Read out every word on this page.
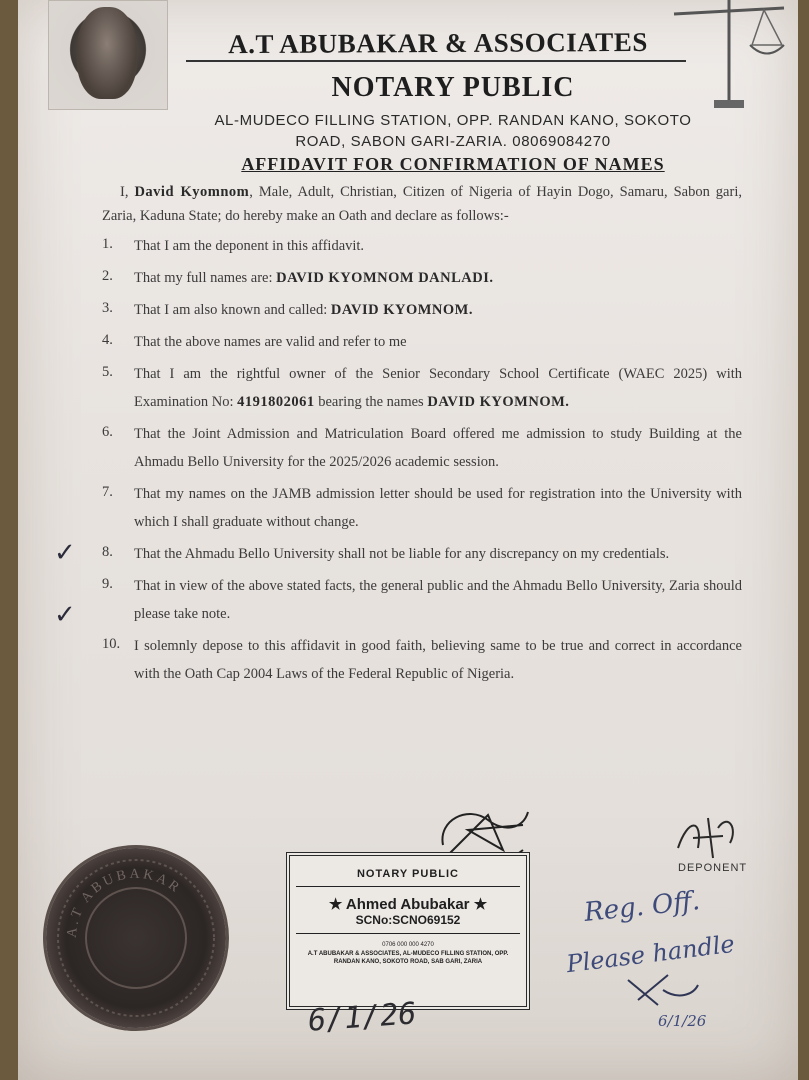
A.T ABUBAKAR & ASSOCIATES
NOTARY PUBLIC
AL-MUDECO FILLING STATION, OPP. RANDAN KANO, SOKOTO
ROAD, SABON GARI-ZARIA. 08069084270
AFFIDAVIT FOR CONFIRMATION OF NAMES
I, David Kyomnom, Male, Adult, Christian, Citizen of Nigeria of Hayin Dogo, Samaru, Sabon gari, Zaria, Kaduna State; do hereby make an Oath and declare as follows:-
1.	That I am the deponent in this affidavit.
2.	That my full names are: DAVID KYOMNOM DANLADI.
3.	That I am also known and called: DAVID KYOMNOM.
4.	That the above names are valid and refer to me
5.	That I am the rightful owner of the Senior Secondary School Certificate (WAEC 2025) with Examination No: 4191802061 bearing the names DAVID KYOMNOM.
6.	That the Joint Admission and Matriculation Board offered me admission to study Building at the Ahmadu Bello University for the 2025/2026 academic session.
7.	That my names on the JAMB admission letter should be used for registration into the University with which I shall graduate without change.
8.	That the Ahmadu Bello University shall not be liable for any discrepancy on my credentials.
9.	That in view of the above stated facts, the general public and the Ahmadu Bello University, Zaria should please take note.
10. I solemnly depose to this affidavit in good faith, believing same to be true and correct in accordance with the Oath Cap 2004 Laws of the Federal Republic of Nigeria.
✓
✓
A.T ABUBAKAR
NOTARY PUBLIC
★ Ahmed Abubakar ★
SCNo:SCNO69152
0706 000 000 4270
A.T ABUBAKAR & ASSOCIATES, AL-MUDECO FILLING STATION, OPP. RANDAN KANO, SOKOTO ROAD, SAB GARI, ZARIA
DEPONENT
Reg. Off.
Please handle
6/1/26
6/1/26
